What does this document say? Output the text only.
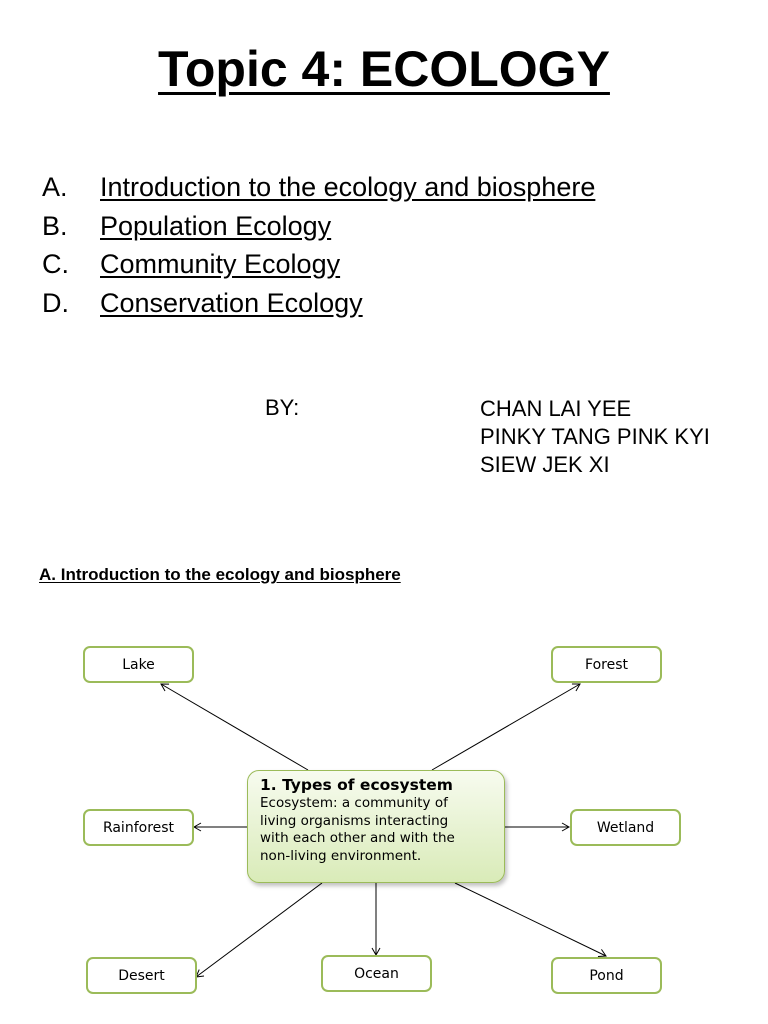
Topic 4: ECOLOGY
A. Introduction to the ecology and biosphere
B. Population Ecology
C. Community Ecology
D. Conservation Ecology
BY:	CHAN LAI YEE
PINKY TANG PINK KYI
SIEW JEK XI
A. Introduction to the ecology and biosphere
Lake	Forest
Rainforest	Wetland
Desert	Ocean	Pond
1. Types of ecosystem
Ecosystem: a community of
living organisms interacting
with each other and with the
non-living environment.
